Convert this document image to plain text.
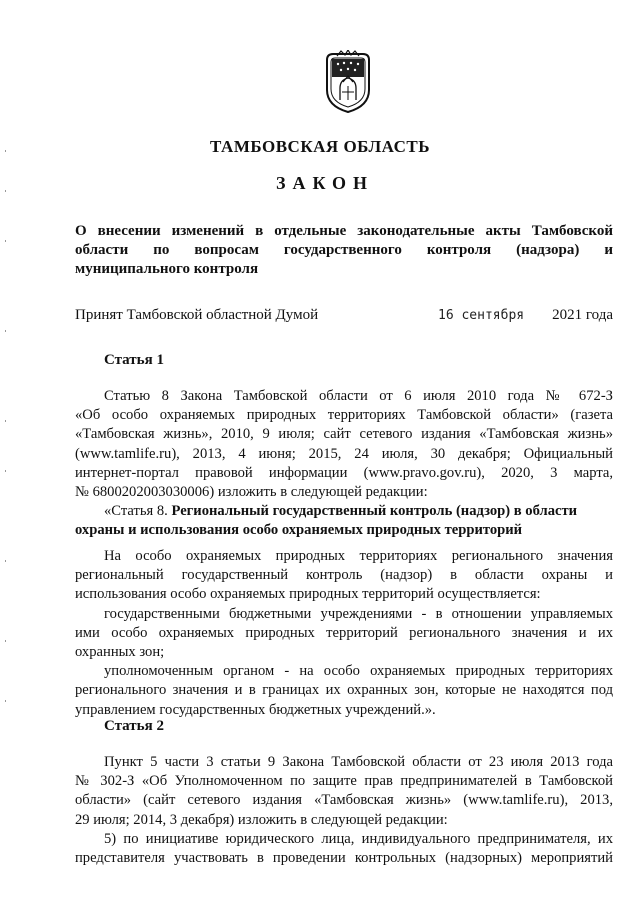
ТАМБОВСКАЯ ОБЛАСТЬ
ЗАКОН
О внесении изменений в отдельные законодательные акты Тамбовской
области по вопросам государственного контроля (надзора) и
муниципального контроля
Принят Тамбовской областной Думой	16 сентября 2021 года
Статья 1
Статью 8 Закона Тамбовской области от 6 июля 2010 года № 672-З
«Об особо охраняемых природных территориях Тамбовской области» (газета
«Тамбовская жизнь», 2010, 9 июля; сайт сетевого издания «Тамбовская жизнь»
(www.tamlife.ru), 2013, 4 июня; 2015, 24 июля, 30 декабря; Официальный
интернет-портал правовой информации (www.pravo.gov.ru), 2020, 3 марта,
№ 6800202003030006) изложить в следующей редакции:
«Статья 8. Региональный государственный контроль (надзор) в области
охраны и использования особо охраняемых природных территорий
На особо охраняемых природных территориях регионального значения
региональный государственный контроль (надзор) в области охраны и
использования особо охраняемых природных территорий осуществляется:
государственными бюджетными учреждениями - в отношении управляемых
ими особо охраняемых природных территорий регионального значения и их
охранных зон;
уполномоченным органом - на особо охраняемых природных территориях
регионального значения и в границах их охранных зон, которые не находятся под
управлением государственных бюджетных учреждений.».
Статья 2
Пункт 5 части 3 статьи 9 Закона Тамбовской области от 23 июля 2013 года
№ 302-З «Об Уполномоченном по защите прав предпринимателей в Тамбовской
области» (сайт сетевого издания «Тамбовская жизнь» (www.tamlife.ru), 2013,
29 июля; 2014, 3 декабря) изложить в следующей редакции:
5) по инициативе юридического лица, индивидуального предпринимателя, их
представителя участвовать в проведении контрольных (надзорных) мероприятий
